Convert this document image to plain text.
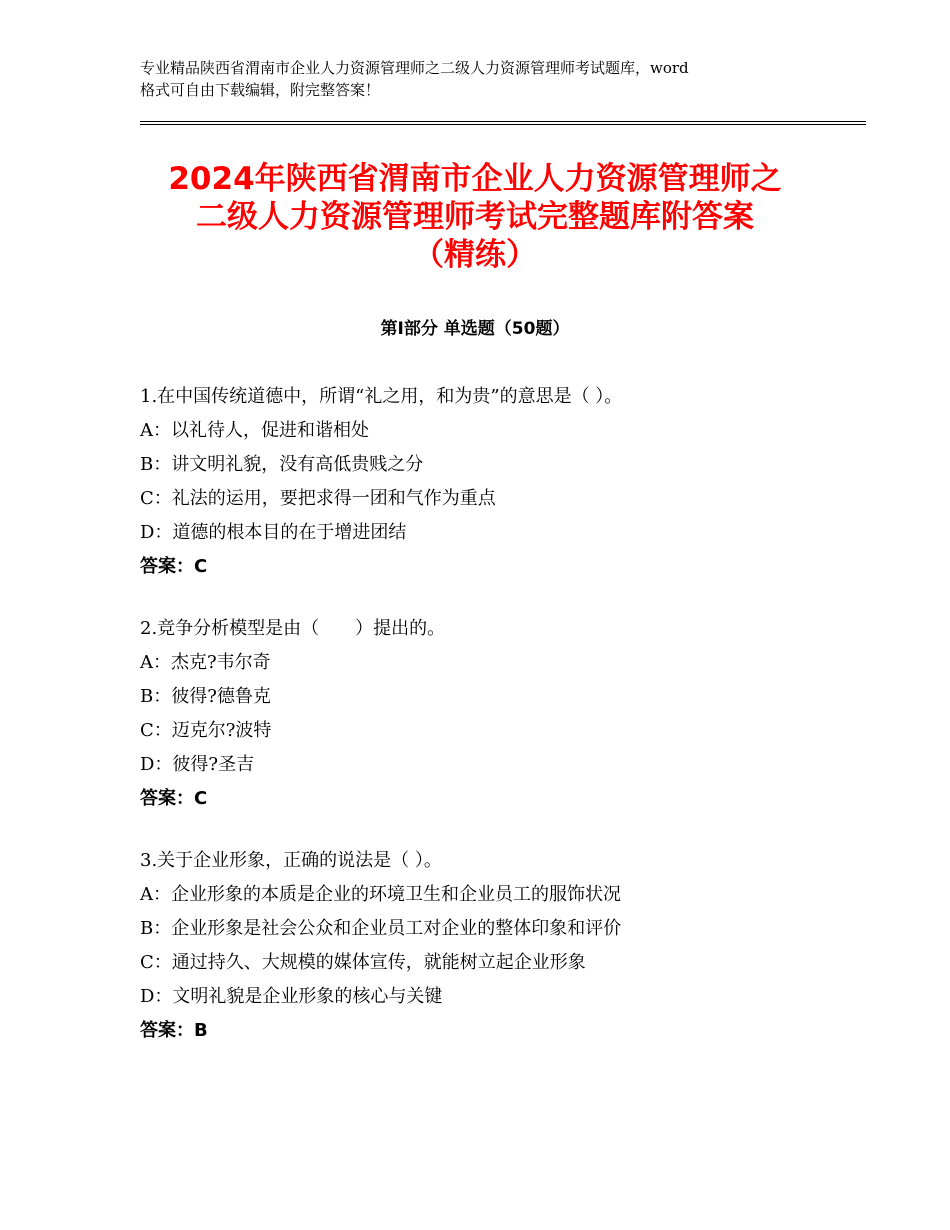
专业精品陕西省渭南市企业人力资源管理师之二级人力资源管理师考试题库，word
格式可自由下载编辑，附完整答案！
2024年陕西省渭南市企业人力资源管理师之
二级人力资源管理师考试完整题库附答案
（精练）
第Ⅰ部分 单选题（50题）
1.在中国传统道德中，所谓“礼之用，和为贵”的意思是（ ）。
A：以礼待人，促进和谐相处
B：讲文明礼貌，没有高低贵贱之分
C：礼法的运用，要把求得一团和气作为重点
D：道德的根本目的在于增进团结
答案：C
2.竞争分析模型是由（　　）提出的。
A：杰克?韦尔奇
B：彼得?德鲁克
C：迈克尔?波特
D：彼得?圣吉
答案：C
3.关于企业形象，正确的说法是（ ）。
A：企业形象的本质是企业的环境卫生和企业员工的服饰状况
B：企业形象是社会公众和企业员工对企业的整体印象和评价
C：通过持久、大规模的媒体宣传，就能树立起企业形象
D：文明礼貌是企业形象的核心与关键
答案：B
